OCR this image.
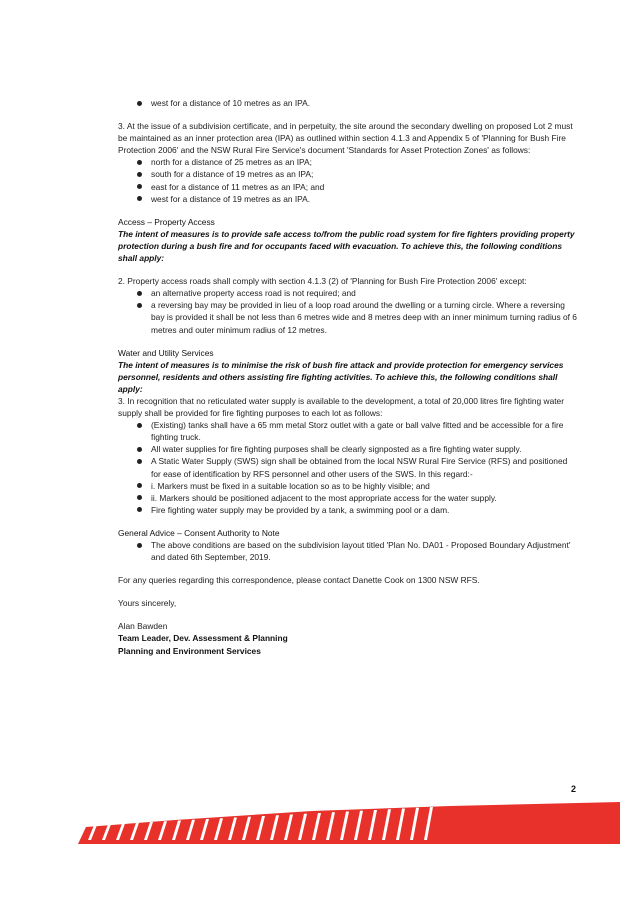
west for a distance of 10 metres as an IPA.

3. At the issue of a subdivision certificate, and in perpetuity, the site around the secondary dwelling on proposed Lot 2 must be maintained as an inner protection area (IPA) as outlined within section 4.1.3 and Appendix 5 of 'Planning for Bush Fire Protection 2006' and the NSW Rural Fire Service's document 'Standards for Asset Protection Zones' as follows:

north for a distance of 25 metres as an IPA;
south for a distance of 19 metres as an IPA;
east for a distance of 11 metres as an IPA; and
west for a distance of 19 metres as an IPA.

Access – Property Access

The intent of measures is to provide safe access to/from the public road system for fire fighters providing property protection during a bush fire and for occupants faced with evacuation. To achieve this, the following conditions shall apply:

2. Property access roads shall comply with section 4.1.3 (2) of 'Planning for Bush Fire Protection 2006' except:

an alternative property access road is not required; and
a reversing bay may be provided in lieu of a loop road around the dwelling or a turning circle. Where a reversing bay is provided it shall be not less than 6 metres wide and 8 metres deep with an inner minimum turning radius of 6 metres and outer minimum radius of 12 metres.

Water and Utility Services

The intent of measures is to minimise the risk of bush fire attack and provide protection for emergency services personnel, residents and others assisting fire fighting activities. To achieve this, the following conditions shall apply:

3. In recognition that no reticulated water supply is available to the development, a total of 20,000 litres fire fighting water supply shall be provided for fire fighting purposes to each lot as follows:

(Existing) tanks shall have a 65 mm metal Storz outlet with a gate or ball valve fitted and be accessible for a fire fighting truck.
All water supplies for fire fighting purposes shall be clearly signposted as a fire fighting water supply.
A Static Water Supply (SWS) sign shall be obtained from the local NSW Rural Fire Service (RFS) and positioned for ease of identification by RFS personnel and other users of the SWS. In this regard:-
i. Markers must be fixed in a suitable location so as to be highly visible; and
ii. Markers should be positioned adjacent to the most appropriate access for the water supply.
Fire fighting water supply may be provided by a tank, a swimming pool or a dam.

General Advice – Consent Authority to Note

The above conditions are based on the subdivision layout titled 'Plan No. DA01 - Proposed Boundary Adjustment' and dated 6th September, 2019.

For any queries regarding this correspondence, please contact Danette Cook on 1300 NSW RFS.

Yours sincerely,

Alan Bawden

Team Leader, Dev. Assessment & Planning

Planning and Environment Services

2
